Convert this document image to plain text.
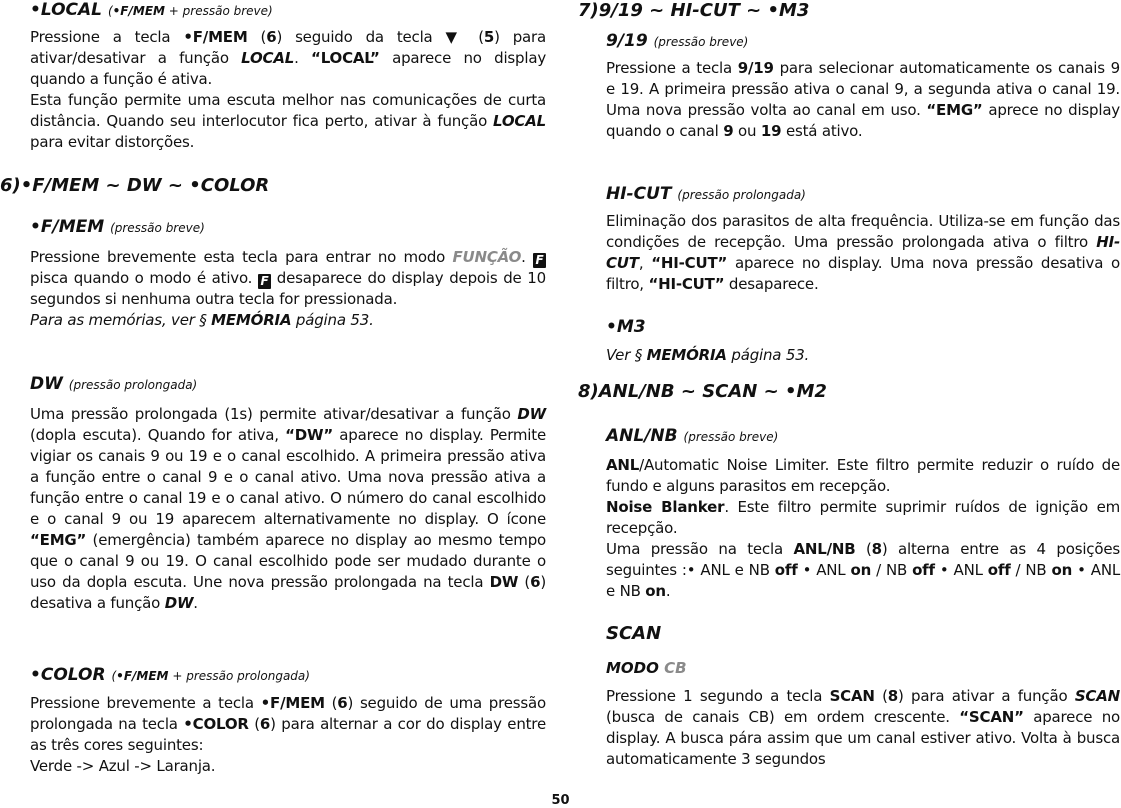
•LOCAL (•F/MEM + pressão breve)

Pressione a tecla •F/MEM (6) seguido da tecla ▼ (5) para ativar/desativar a função LOCAL. “LOCAL” aparece no display quando a função é ativa.

Esta função permite uma escuta melhor nas comunicações de curta distância. Quando seu interlocutor fica perto, ativar à função LOCAL para evitar distorções.

6)•F/MEM ~ DW ~ •COLOR
•F/MEM (pressão breve)

Pressione brevemente esta tecla para entrar no modo FUNÇÃO. F pisca quando o modo é ativo. F desaparece do display depois de 10 segundos si nenhuma outra tecla for pressionada.

Para as memórias, ver § MEMÓRIA página 53.

DW (pressão prolongada)

Uma pressão prolongada (1s) permite ativar/desativar a função DW (dopla escuta). Quando for ativa, “DW” aparece no display. Permite vigiar os canais 9 ou 19 e o canal escolhido. A primeira pressão ativa a função entre o canal 9 e o canal ativo. Uma nova pressão ativa a função entre o canal 19 e o canal ativo. O número do canal escolhido e o canal 9 ou 19 aparecem alternativamente no display. O ícone “EMG” (emergência) também aparece no display ao mesmo tempo que o canal 9 ou 19. O canal escolhido pode ser mudado durante o uso da dopla escuta. Une nova pressão prolongada na tecla DW (6) desativa a função DW.

•COLOR (•F/MEM + pressão prolongada)

Pressione brevemente a tecla •F/MEM (6) seguido de uma pressão prolongada na tecla •COLOR (6) para alternar a cor do display entre as três cores seguintes:

Verde -> Azul -> Laranja.

7)9/19 ~ HI-CUT ~ •M3
9/19 (pressão breve)

Pressione a tecla 9/19 para selecionar automaticamente os canais 9 e 19. A primeira pressão ativa o canal 9, a segunda ativa o canal 19. Uma nova pressão volta ao canal em uso. “EMG” aprece no display quando o canal 9 ou 19 está ativo.

HI-CUT (pressão prolongada)

Eliminação dos parasitos de alta frequência. Utiliza-se em função das condições de recepção. Uma pressão prolongada ativa o filtro HI-CUT, “HI-CUT” aparece no display. Uma nova pressão desativa o filtro, “HI-CUT” desaparece.

•M3

Ver § MEMÓRIA página 53.

8)ANL/NB ~ SCAN ~ •M2
ANL/NB (pressão breve)

ANL/Automatic Noise Limiter. Este filtro permite reduzir o ruído de fundo e alguns parasitos em recepção.

Noise Blanker. Este filtro permite suprimir ruídos de ignição em recepção.

Uma pressão na tecla ANL/NB (8) alterna entre as 4 posições seguintes :• ANL e NB off • ANL on / NB off • ANL off / NB on • ANL e NB on.

SCAN
MODO CB

Pressione 1 segundo a tecla SCAN (8) para ativar a função SCAN (busca de canais CB) em ordem crescente. “SCAN” aparece no display. A busca pára assim que um canal estiver ativo. Volta à busca automaticamente 3 segundos

50
